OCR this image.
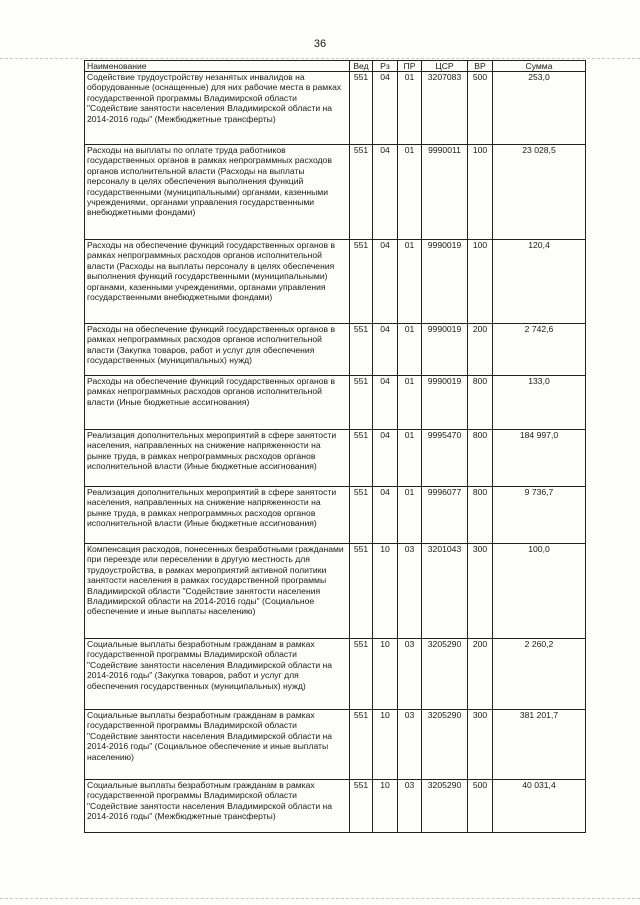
36
Наименование	Вед	Рз	ПР	ЦСР	ВР	Сумма
Содействие трудоустройству незанятых инвалидов на оборудованные (оснащенные) для них рабочие места в рамках государственной программы Владимирской области "Содействие занятости населения Владимирской области на 2014-2016 годы" (Межбюджетные трансферты)	551	04	01	3207083	500	253,0
Расходы на выплаты по оплате труда работников государственных органов в рамках непрограммных расходов органов исполнительной власти (Расходы на выплаты персоналу в целях обеспечения выполнения функций государственными (муниципальными) органами, казенными учреждениями, органами управления государственными внебюджетными фондами)	551	04	01	9990011	100	23 028,5
Расходы на обеспечение функций государственных органов в рамках непрограммных расходов органов исполнительной власти (Расходы на выплаты персоналу в целях обеспечения выполнения функций государственными (муниципальными) органами, казенными учреждениями, органами управления государственными внебюджетными фондами)	551	04	01	9990019	100	120,4
Расходы на обеспечение функций государственных органов в рамках непрограммных расходов органов исполнительной власти (Закупка товаров, работ и услуг для обеспечения государственных (муниципальных) нужд)	551	04	01	9990019	200	2 742,6
Расходы на обеспечение функций государственных органов в рамках непрограммных расходов органов исполнительной власти (Иные бюджетные ассигнования)	551	04	01	9990019	800	133,0
Реализация дополнительных мероприятий в сфере занятости населения, направленных на снижение напряженности на рынке труда, в рамках непрограммных расходов органов исполнительной власти (Иные бюджетные ассигнования)	551	04	01	9995470	800	184 997,0
Реализация дополнительных мероприятий в сфере занятости населения, направленных на снижение напряженности на рынке труда, в рамках непрограммных расходов органов исполнительной власти (Иные бюджетные ассигнования)	551	04	01	9996077	800	9 736,7
Компенсация расходов, понесенных безработными гражданами при переезде или переселении в другую местность для трудоустройства, в рамках мероприятий активной политики занятости населения в рамках государственной программы Владимирской области "Содействие занятости населения Владимирской области на 2014-2016 годы" (Социальное обеспечение и иные выплаты населению)	551	10	03	3201043	300	100,0
Социальные выплаты безработным гражданам в рамках государственной программы Владимирской области "Содействие занятости населения Владимирской области на 2014-2016 годы" (Закупка товаров, работ и услуг для обеспечения государственных (муниципальных) нужд)	551	10	03	3205290	200	2 260,2
Социальные выплаты безработным гражданам в рамках государственной программы Владимирской области "Содействие занятости населения Владимирской области на 2014-2016 годы" (Социальное обеспечение и иные выплаты населению)	551	10	03	3205290	300	381 201,7
Социальные выплаты безработным гражданам в рамках государственной программы Владимирской области "Содействие занятости населения Владимирской области на 2014-2016 годы" (Межбюджетные трансферты)	551	10	03	3205290	500	40 031,4
